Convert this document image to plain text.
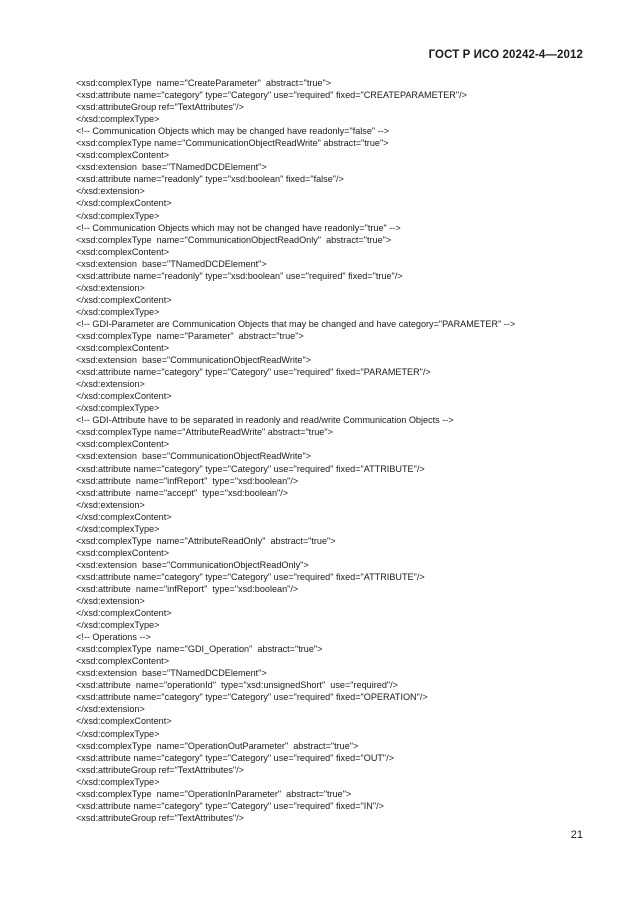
ГОСТ Р ИСО 20242-4—2012
<xsd:complexType  name="CreateParameter"  abstract="true">
<xsd:attribute name="category" type="Category" use="required" fixed="CREATEPARAMETER"/>
<xsd:attributeGroup ref="TextAttributes"/>
</xsd:complexType>
<!-- Communication Objects which may be changed have readonly="false" -->
<xsd:complexType name="CommunicationObjectReadWrite" abstract="true">
<xsd:complexContent>
<xsd:extension  base="TNamedDCDElement">
<xsd:attribute name="readonly" type="xsd:boolean" fixed="false"/>
</xsd:extension>
</xsd:complexContent>
</xsd:complexType>
<!-- Communication Objects which may not be changed have readonly="true" -->
<xsd:complexType  name="CommunicationObjectReadOnly"  abstract="true">
<xsd:complexContent>
<xsd:extension  base="TNamedDCDElement">
<xsd:attribute name="readonly" type="xsd:boolean" use="required" fixed="true"/>
</xsd:extension>
</xsd:complexContent>
</xsd:complexType>
<!-- GDI-Parameter are Communication Objects that may be changed and have category="PARAMETER" -->
<xsd:complexType  name="Parameter"  abstract="true">
<xsd:complexContent>
<xsd:extension  base="CommunicationObjectReadWrite">
<xsd:attribute name="category" type="Category" use="required" fixed="PARAMETER"/>
</xsd:extension>
</xsd:complexContent>
</xsd:complexType>
<!-- GDI-Attribute have to be separated in readonly and read/write Communication Objects -->
<xsd:complexType name="AttributeReadWrite" abstract="true">
<xsd:complexContent>
<xsd:extension  base="CommunicationObjectReadWrite">
<xsd:attribute name="category" type="Category" use="required" fixed="ATTRIBUTE"/>
<xsd:attribute  name="infReport"  type="xsd:boolean"/>
<xsd:attribute  name="accept"  type="xsd:boolean"/>
</xsd:extension>
</xsd:complexContent>
</xsd:complexType>
<xsd:complexType  name="AttributeReadOnly"  abstract="true">
<xsd:complexContent>
<xsd:extension  base="CommunicationObjectReadOnly">
<xsd:attribute name="category" type="Category" use="required" fixed="ATTRIBUTE"/>
<xsd:attribute  name="infReport"  type="xsd:boolean"/>
</xsd:extension>
</xsd:complexContent>
</xsd:complexType>
<!-- Operations -->
<xsd:complexType  name="GDI_Operation"  abstract="true">
<xsd:complexContent>
<xsd:extension  base="TNamedDCDElement">
<xsd:attribute  name="operationId"  type="xsd:unsignedShort"  use="required"/>
<xsd:attribute name="category" type="Category" use="required" fixed="OPERATION"/>
</xsd:extension>
</xsd:complexContent>
</xsd:complexType>
<xsd:complexType  name="OperationOutParameter"  abstract="true">
<xsd:attribute name="category" type="Category" use="required" fixed="OUT"/>
<xsd:attributeGroup ref="TextAttributes"/>
</xsd:complexType>
<xsd:complexType  name="OperationInParameter"  abstract="true">
<xsd:attribute name="category" type="Category" use="required" fixed="IN"/>
<xsd:attributeGroup ref="TextAttributes"/>
21
